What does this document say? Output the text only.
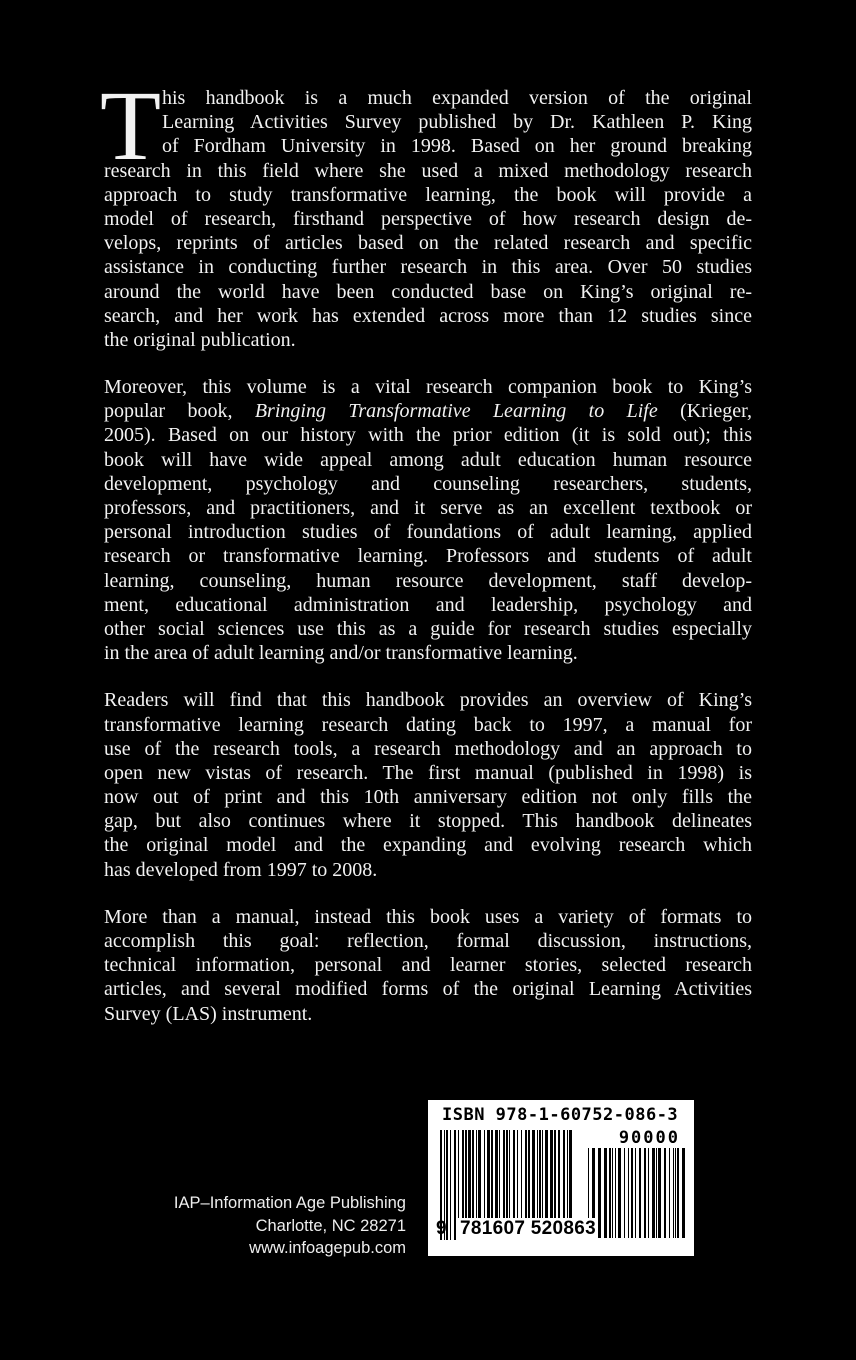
T his handbook is a much expanded version of the original
Learning Activities Survey published by Dr. Kathleen P. King
of Fordham University in 1998. Based on her ground breaking
research in this field where she used a mixed methodology research
approach to study transformative learning, the book will provide a
model of research, firsthand perspective of how research design de-
velops, reprints of articles based on the related research and specific
assistance in conducting further research in this area. Over 50 studies
around the world have been conducted base on King’s original re-
search, and her work has extended across more than 12 studies since
the original publication.
Moreover, this volume is a vital research companion book to King’s
popular book, Bringing Transformative Learning to Life (Krieger,
2005). Based on our history with the prior edition (it is sold out); this
book will have wide appeal among adult education human resource
development, psychology and counseling researchers, students,
professors, and practitioners, and it serve as an excellent textbook or
personal introduction studies of foundations of adult learning, applied
research or transformative learning. Professors and students of adult
learning, counseling, human resource development, staff develop-
ment, educational administration and leadership, psychology and
other social sciences use this as a guide for research studies especially
in the area of adult learning and/or transformative learning.
Readers will find that this handbook provides an overview of King’s
transformative learning research dating back to 1997, a manual for
use of the research tools, a research methodology and an approach to
open new vistas of research. The first manual (published in 1998) is
now out of print and this 10th anniversary edition not only fills the
gap, but also continues where it stopped. This handbook delineates
the original model and the expanding and evolving research which
has developed from 1997 to 2008.
More than a manual, instead this book uses a variety of formats to
accomplish this goal: reflection, formal discussion, instructions,
technical information, personal and learner stories, selected research
articles, and several modified forms of the original Learning Activities
Survey (LAS) instrument.
IAP–Information Age Publishing
Charlotte, NC 28271
www.infoagepub.com
ISBN 978-1-60752-086-3
90000
9 781607 520863
